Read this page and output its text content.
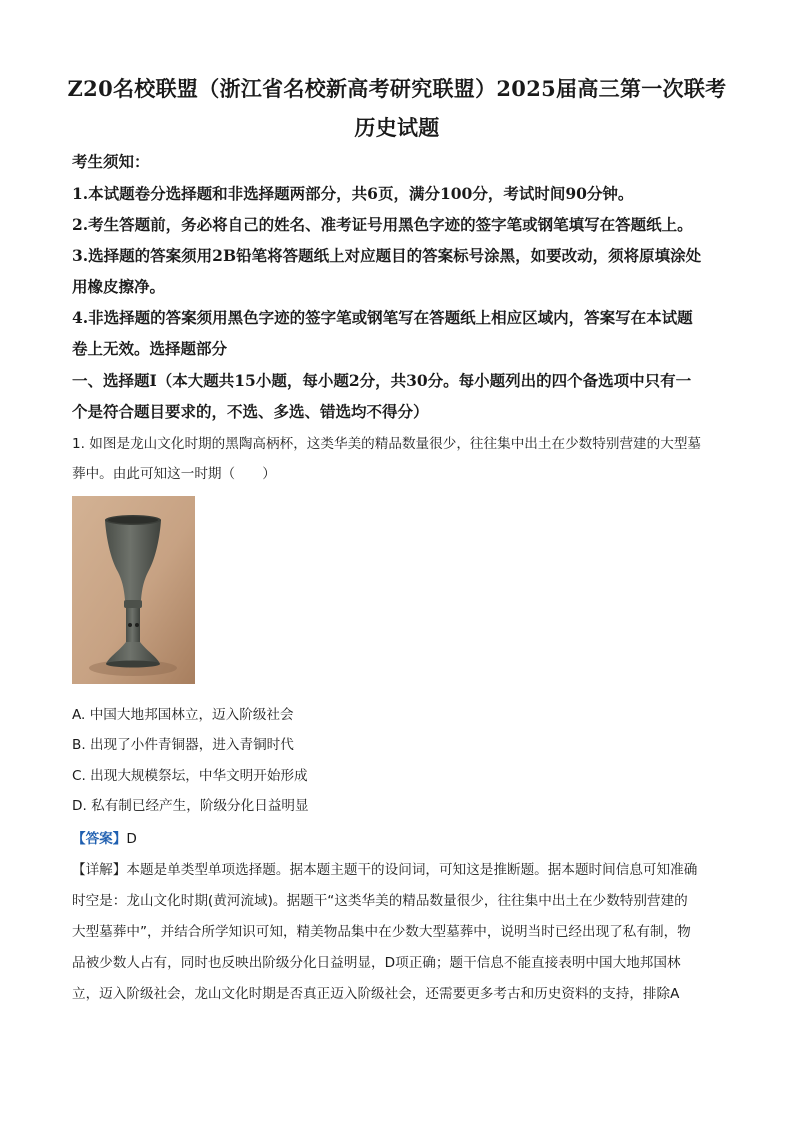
Z20名校联盟（浙江省名校新高考研究联盟）2025届高三第一次联考
历史试题
考生须知：
1.本试题卷分选择题和非选择题两部分，共6页，满分100分，考试时间90分钟。
2.考生答题前，务必将自己的姓名、准考证号用黑色字迹的签字笔或钢笔填写在答题纸上。
3.选择题的答案须用2B铅笔将答题纸上对应题目的答案标号涂黑，如要改动，须将原填涂处
用橡皮擦净。
4.非选择题的答案须用黑色字迹的签字笔或钢笔写在答题纸上相应区域内，答案写在本试题
卷上无效。选择题部分
一、选择题Ⅰ（本大题共15小题，每小题2分，共30分。每小题列出的四个备选项中只有一
个是符合题目要求的，不选、多选、错选均不得分）
1. 如图是龙山文化时期的黑陶高柄杯，这类华美的精品数量很少，往往集中出土在少数特别营建的大型墓
葬中。由此可知这一时期（　　）
A. 中国大地邦国林立，迈入阶级社会
B. 出现了小件青铜器，进入青铜时代
C. 出现大规模祭坛，中华文明开始形成
D. 私有制已经产生，阶级分化日益明显
【答案】D
【详解】本题是单类型单项选择题。据本题主题干的设问词，可知这是推断题。据本题时间信息可知准确
时空是：龙山文化时期(黄河流域)。据题干“这类华美的精品数量很少，往往集中出土在少数特别营建的
大型墓葬中”，并结合所学知识可知，精美物品集中在少数大型墓葬中，说明当时已经出现了私有制，物
品被少数人占有，同时也反映出阶级分化日益明显，D项正确；题干信息不能直接表明中国大地邦国林
立，迈入阶级社会，龙山文化时期是否真正迈入阶级社会，还需要更多考古和历史资料的支持，排除A
